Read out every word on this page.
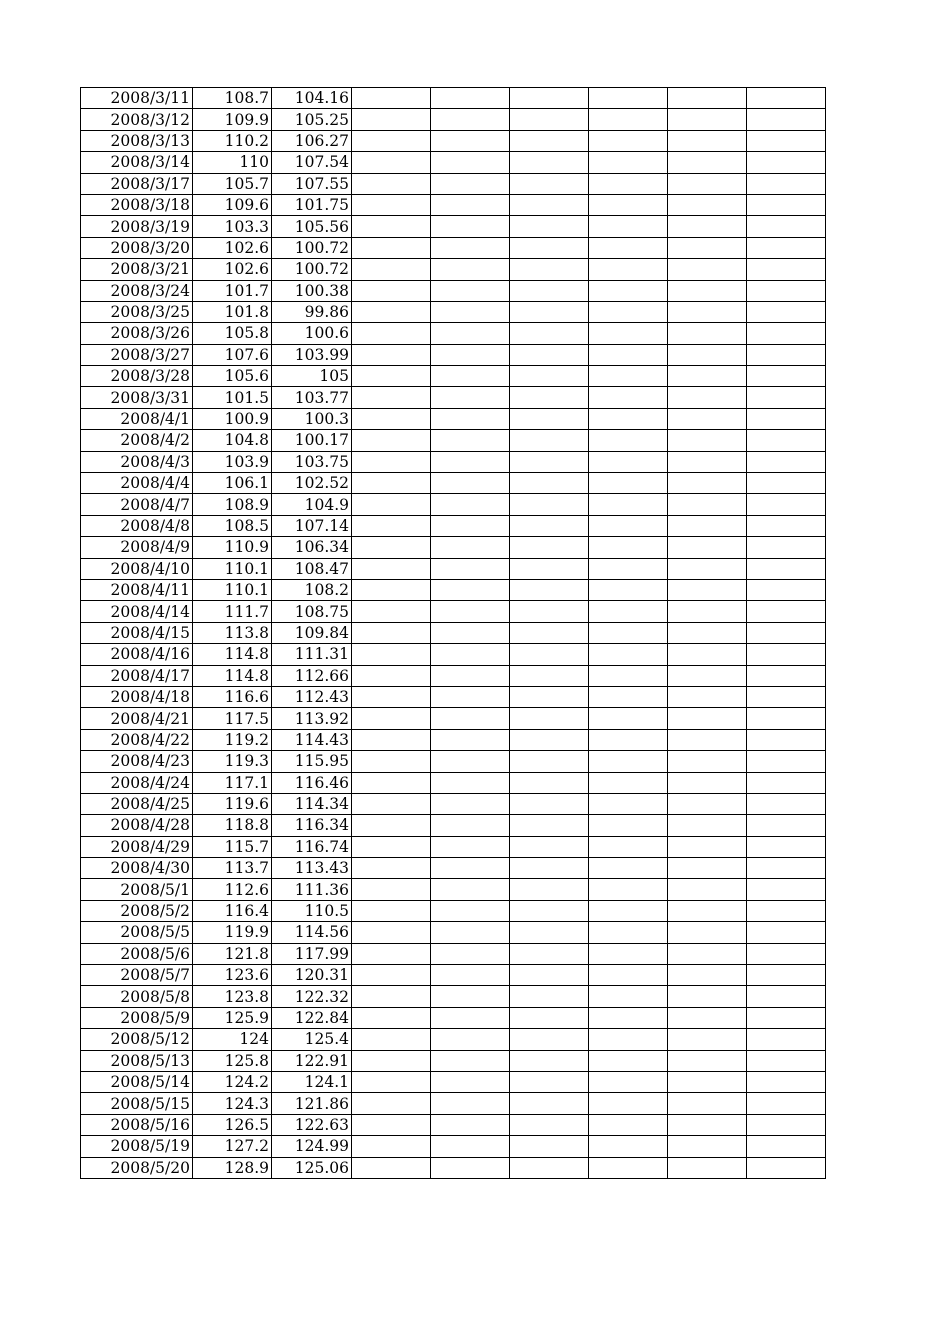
2008/3/11	108.7	104.16						
2008/3/12	109.9	105.25						
2008/3/13	110.2	106.27						
2008/3/14	110	107.54						
2008/3/17	105.7	107.55						
2008/3/18	109.6	101.75						
2008/3/19	103.3	105.56						
2008/3/20	102.6	100.72						
2008/3/21	102.6	100.72						
2008/3/24	101.7	100.38						
2008/3/25	101.8	99.86						
2008/3/26	105.8	100.6						
2008/3/27	107.6	103.99						
2008/3/28	105.6	105						
2008/3/31	101.5	103.77						
2008/4/1	100.9	100.3						
2008/4/2	104.8	100.17						
2008/4/3	103.9	103.75						
2008/4/4	106.1	102.52						
2008/4/7	108.9	104.9						
2008/4/8	108.5	107.14						
2008/4/9	110.9	106.34						
2008/4/10	110.1	108.47						
2008/4/11	110.1	108.2						
2008/4/14	111.7	108.75						
2008/4/15	113.8	109.84						
2008/4/16	114.8	111.31						
2008/4/17	114.8	112.66						
2008/4/18	116.6	112.43						
2008/4/21	117.5	113.92						
2008/4/22	119.2	114.43						
2008/4/23	119.3	115.95						
2008/4/24	117.1	116.46						
2008/4/25	119.6	114.34						
2008/4/28	118.8	116.34						
2008/4/29	115.7	116.74						
2008/4/30	113.7	113.43						
2008/5/1	112.6	111.36						
2008/5/2	116.4	110.5						
2008/5/5	119.9	114.56						
2008/5/6	121.8	117.99						
2008/5/7	123.6	120.31						
2008/5/8	123.8	122.32						
2008/5/9	125.9	122.84						
2008/5/12	124	125.4						
2008/5/13	125.8	122.91						
2008/5/14	124.2	124.1						
2008/5/15	124.3	121.86						
2008/5/16	126.5	122.63						
2008/5/19	127.2	124.99						
2008/5/20	128.9	125.06						
